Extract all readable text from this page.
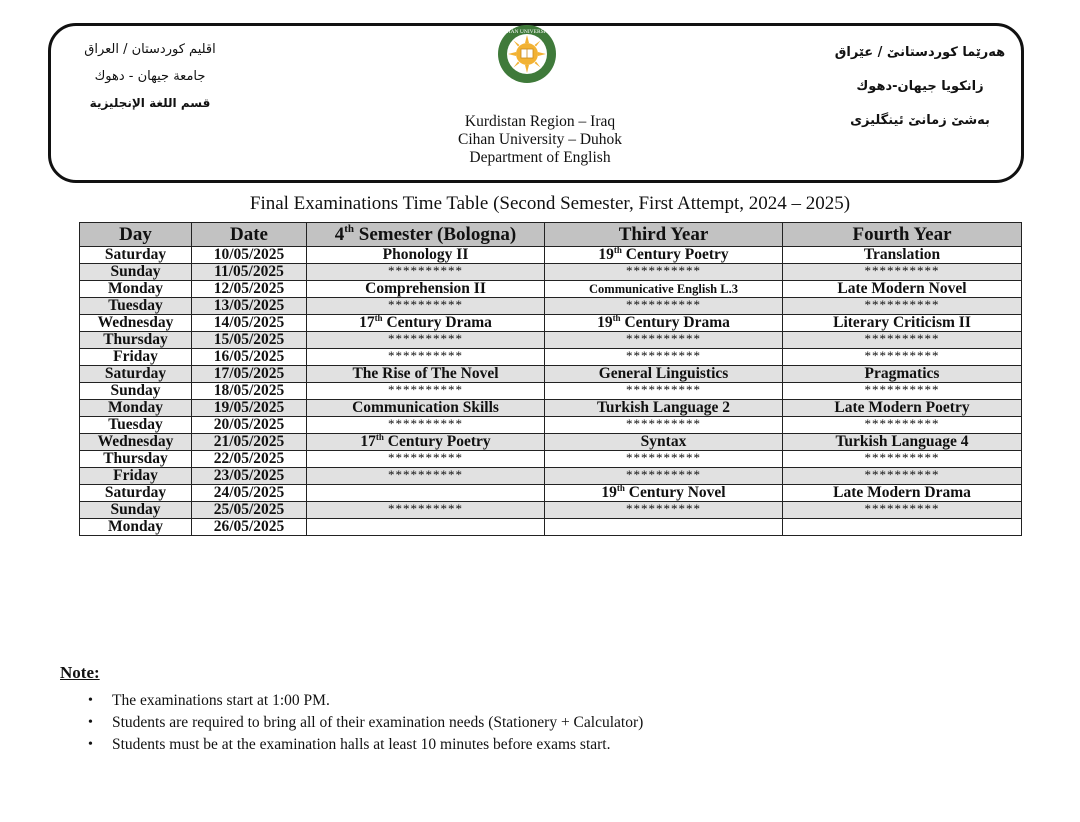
اقليم كوردستان / العراق
جامعة جيهان - دهوك
قسم اللغة الإنجليزية
هەرێما كوردستانێ / عێراق
زانكويا جيهان-دهوك
بەشێ زمانێ ئینگليزى
CIHAN UNIVERSITY
Kurdistan Region – Iraq
Cihan University – Duhok
Department of English
Final Examinations Time Table (Second Semester, First Attempt, 2024 – 2025)
Day	Date	4th Semester (Bologna)	Third Year	Fourth Year
Saturday	10/05/2025	Phonology II	19th Century Poetry	Translation
Sunday	11/05/2025	**********	**********	**********
Monday	12/05/2025	Comprehension II	Communicative English L.3	Late Modern Novel
Tuesday	13/05/2025	**********	**********	**********
Wednesday	14/05/2025	17th Century Drama	19th Century Drama	Literary Criticism II
Thursday	15/05/2025	**********	**********	**********
Friday	16/05/2025	**********	**********	**********
Saturday	17/05/2025	The Rise of The Novel	General Linguistics	Pragmatics
Sunday	18/05/2025	**********	**********	**********
Monday	19/05/2025	Communication Skills	Turkish Language 2	Late Modern Poetry
Tuesday	20/05/2025	**********	**********	**********
Wednesday	21/05/2025	17th Century Poetry	Syntax	Turkish Language 4
Thursday	22/05/2025	**********	**********	**********
Friday	23/05/2025	**********	**********	**********
Saturday	24/05/2025		19th Century Novel	Late Modern Drama
Sunday	25/05/2025	**********	**********	**********
Monday	26/05/2025			
Note:
• The examinations start at 1:00 PM.
• Students are required to bring all of their examination needs (Stationery + Calculator)
• Students must be at the examination halls at least 10 minutes before exams start.
